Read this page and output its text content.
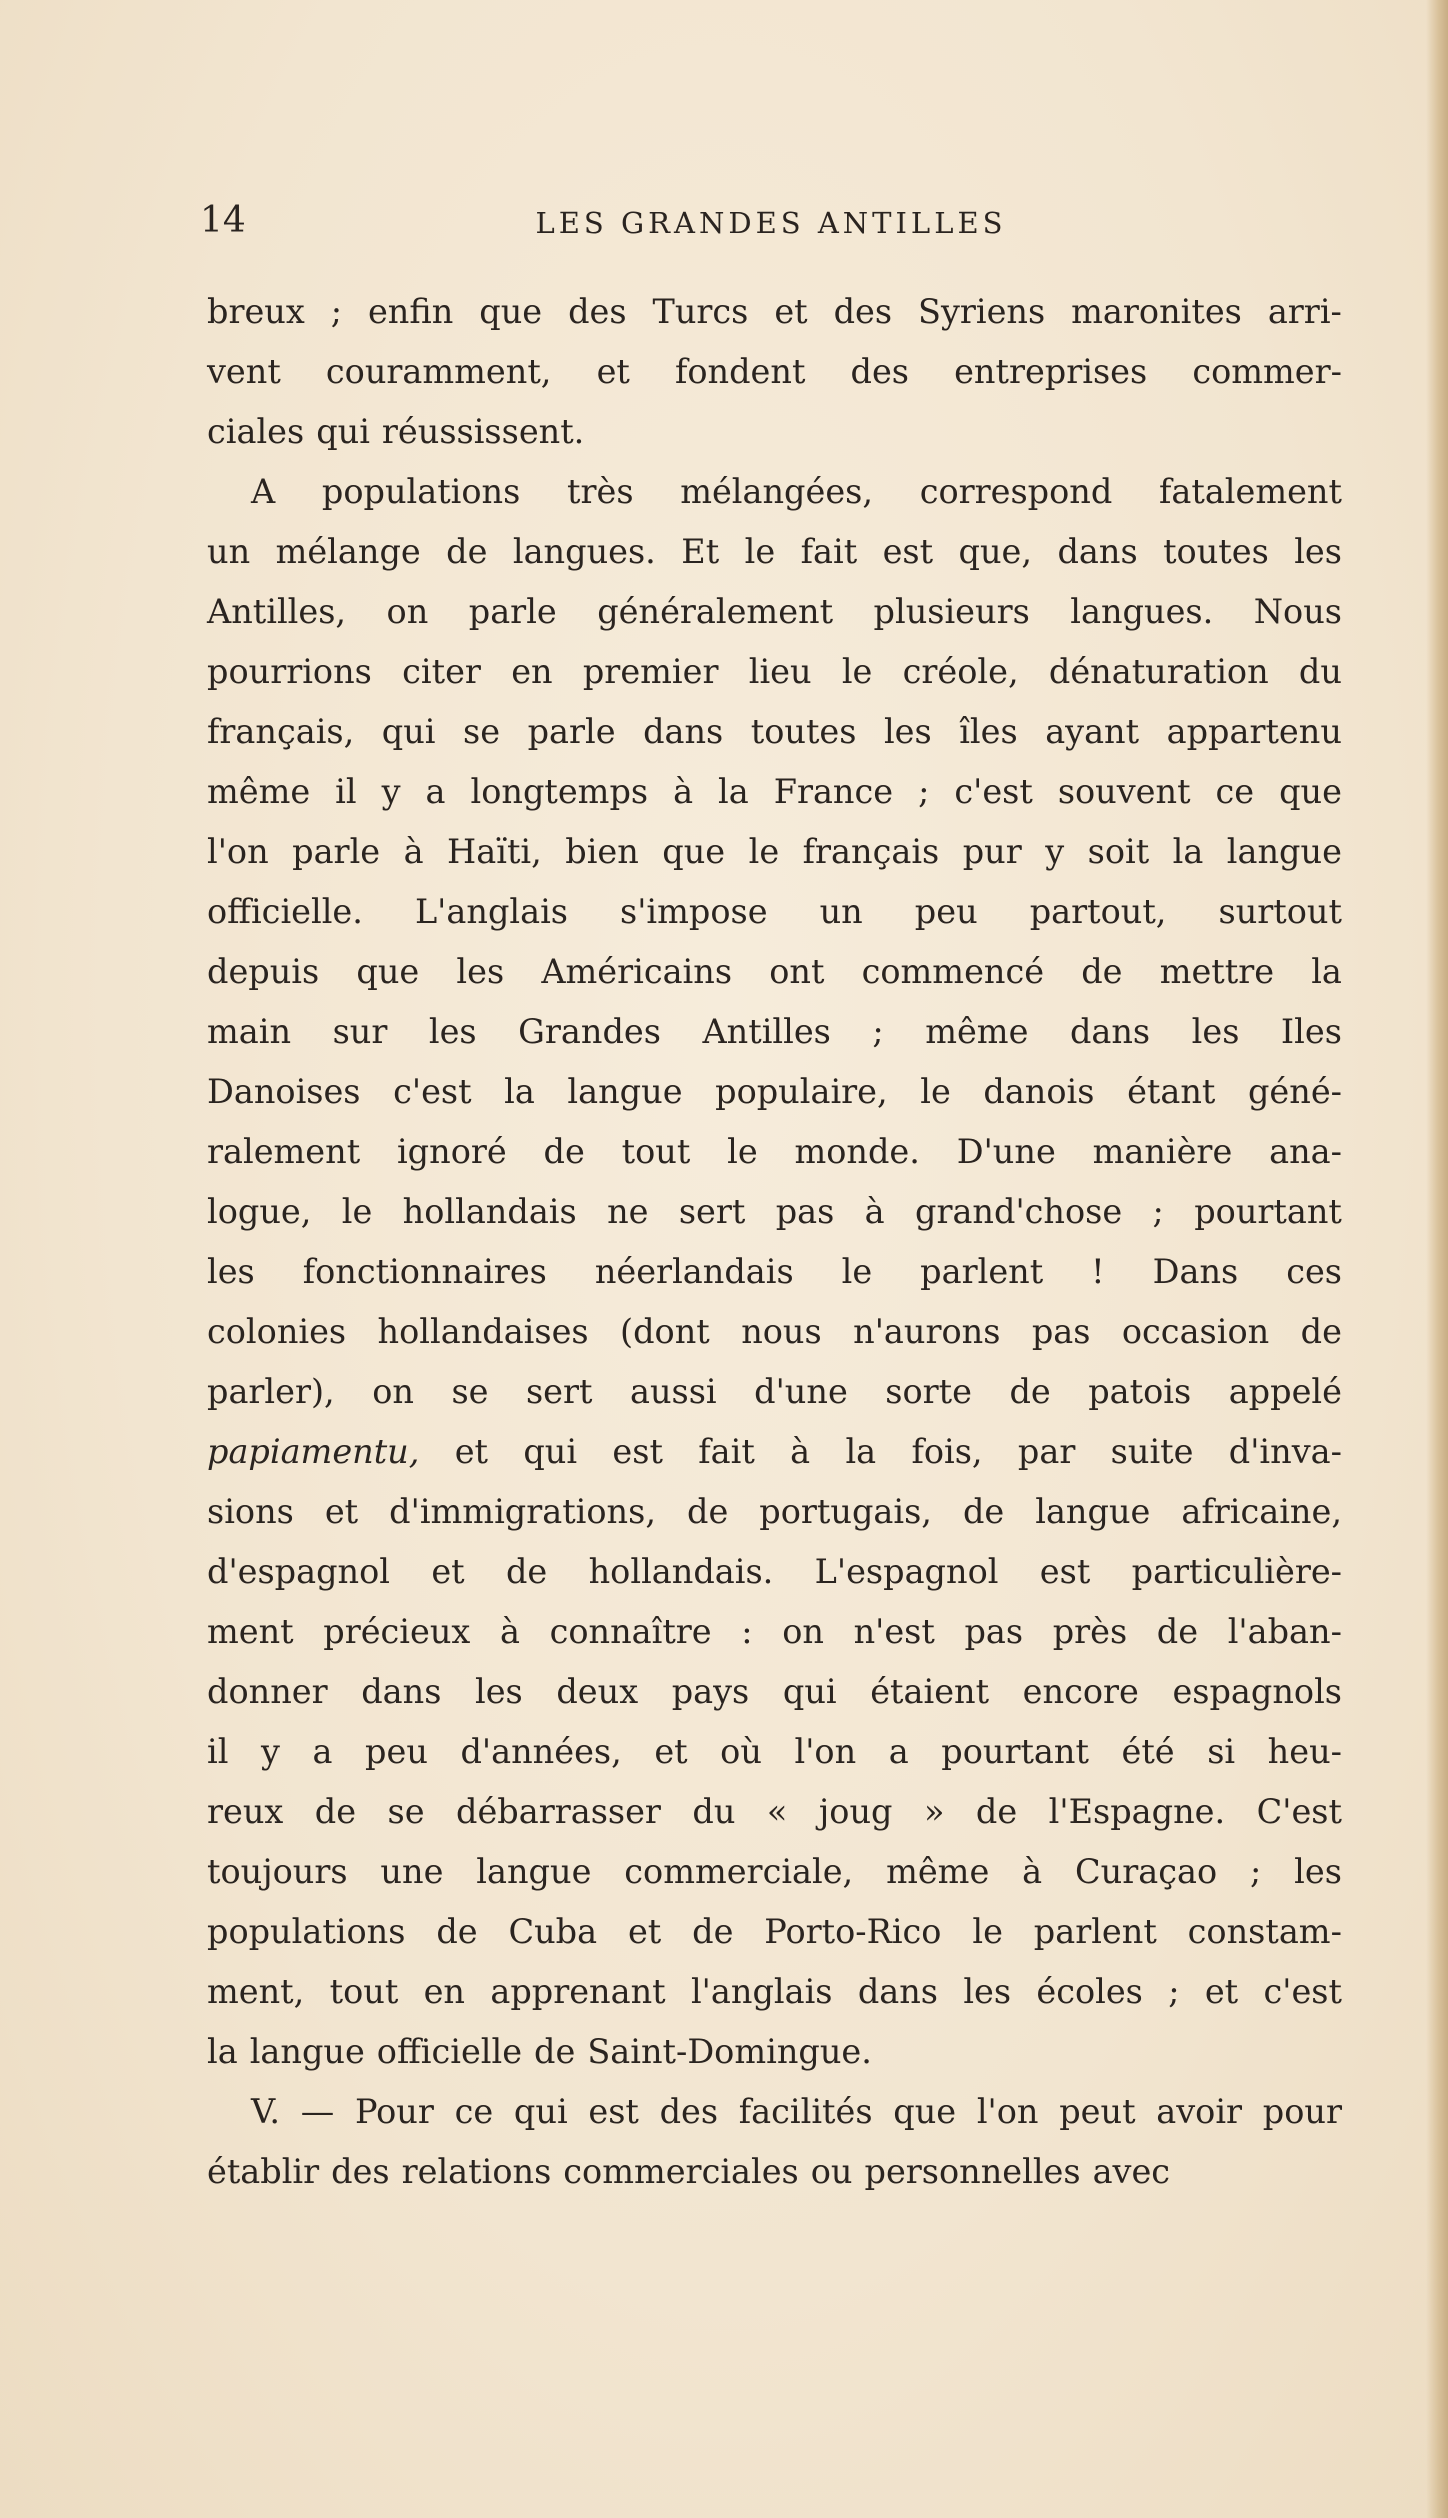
14	LES GRANDES ANTILLES
breux ; enfin que des Turcs et des Syriens maronites arri-
vent couramment, et fondent des entreprises commer-
ciales qui réussissent.
A populations très mélangées, correspond fatalement
un mélange de langues. Et le fait est que, dans toutes les
Antilles, on parle généralement plusieurs langues. Nous
pourrions citer en premier lieu le créole, dénaturation du
français, qui se parle dans toutes les îles ayant appartenu
même il y a longtemps à la France ; c'est souvent ce que
l'on parle à Haïti, bien que le français pur y soit la langue
officielle. L'anglais s'impose un peu partout, surtout
depuis que les Américains ont commencé de mettre la
main sur les Grandes Antilles ; même dans les Iles
Danoises c'est la langue populaire, le danois étant géné-
ralement ignoré de tout le monde. D'une manière ana-
logue, le hollandais ne sert pas à grand'chose ; pourtant
les fonctionnaires néerlandais le parlent ! Dans ces
colonies hollandaises (dont nous n'aurons pas occasion de
parler), on se sert aussi d'une sorte de patois appelé
papiamentu, et qui est fait à la fois, par suite d'inva-
sions et d'immigrations, de portugais, de langue africaine,
d'espagnol et de hollandais. L'espagnol est particulière-
ment précieux à connaître : on n'est pas près de l'aban-
donner dans les deux pays qui étaient encore espagnols
il y a peu d'années, et où l'on a pourtant été si heu-
reux de se débarrasser du « joug » de l'Espagne. C'est
toujours une langue commerciale, même à Curaçao ; les
populations de Cuba et de Porto-Rico le parlent constam-
ment, tout en apprenant l'anglais dans les écoles ; et c'est
la langue officielle de Saint-Domingue.
V. — Pour ce qui est des facilités que l'on peut avoir pour
établir des relations commerciales ou personnelles avec
